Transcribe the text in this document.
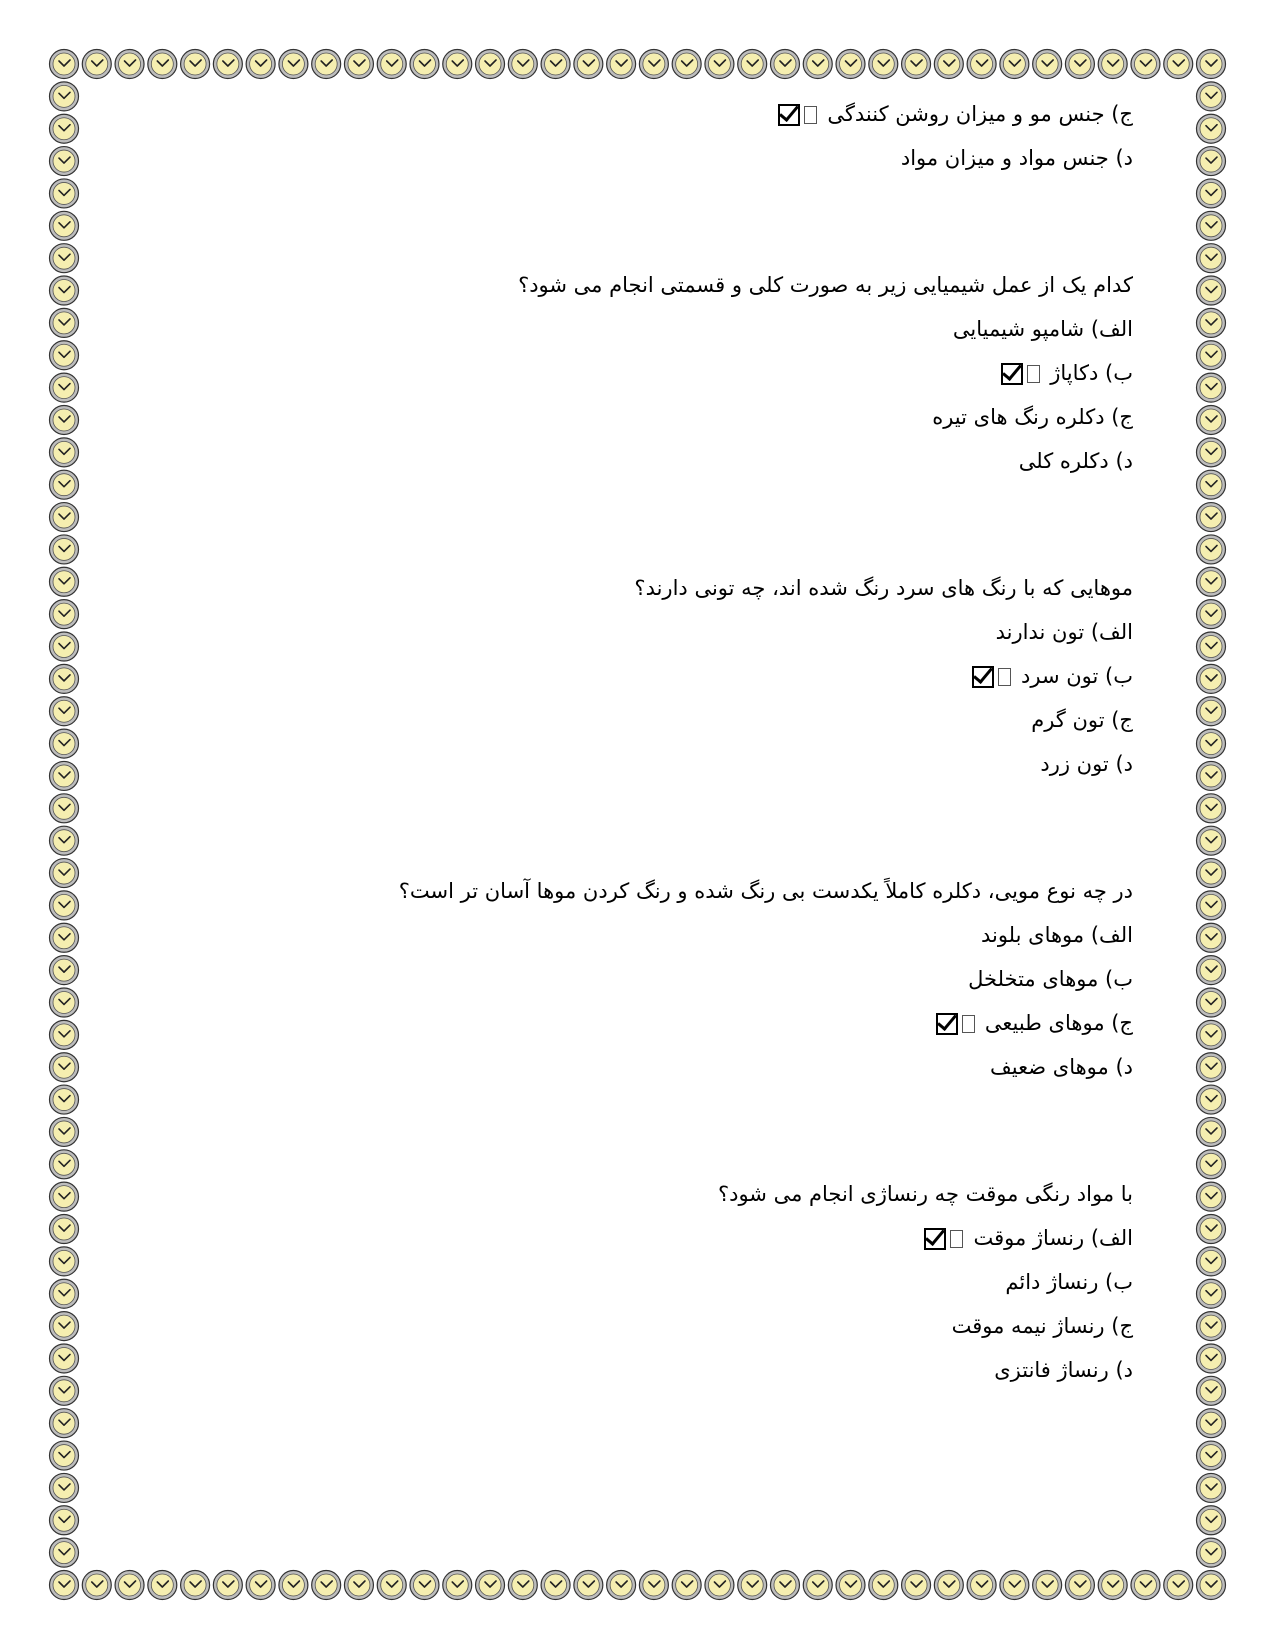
ج) جنس مو و میزان روشن کنندگی
د) جنس مواد و میزان مواد
کدام یک از عمل شیمیایی زیر به صورت کلی و قسمتی انجام می شود؟
الف) شامپو شیمیایی
ب) دکاپاژ
ج) دکلره رنگ های تیره
د) دکلره کلی
موهایی که با رنگ های سرد رنگ شده اند، چه تونی دارند؟
الف) تون ندارند
ب) تون سرد
ج) تون گرم
د) تون زرد
در چه نوع مویی، دکلره کاملاً یکدست بی رنگ شده و رنگ کردن موها آسان تر است؟
الف) موهای بلوند
ب) موهای متخلخل
ج) موهای طبیعی
د) موهای ضعیف
با مواد رنگی موقت چه رنساژی انجام می شود؟
الف) رنساژ موقت
ب) رنساژ دائم
ج) رنساژ نیمه موقت
د) رنساژ فانتزی
